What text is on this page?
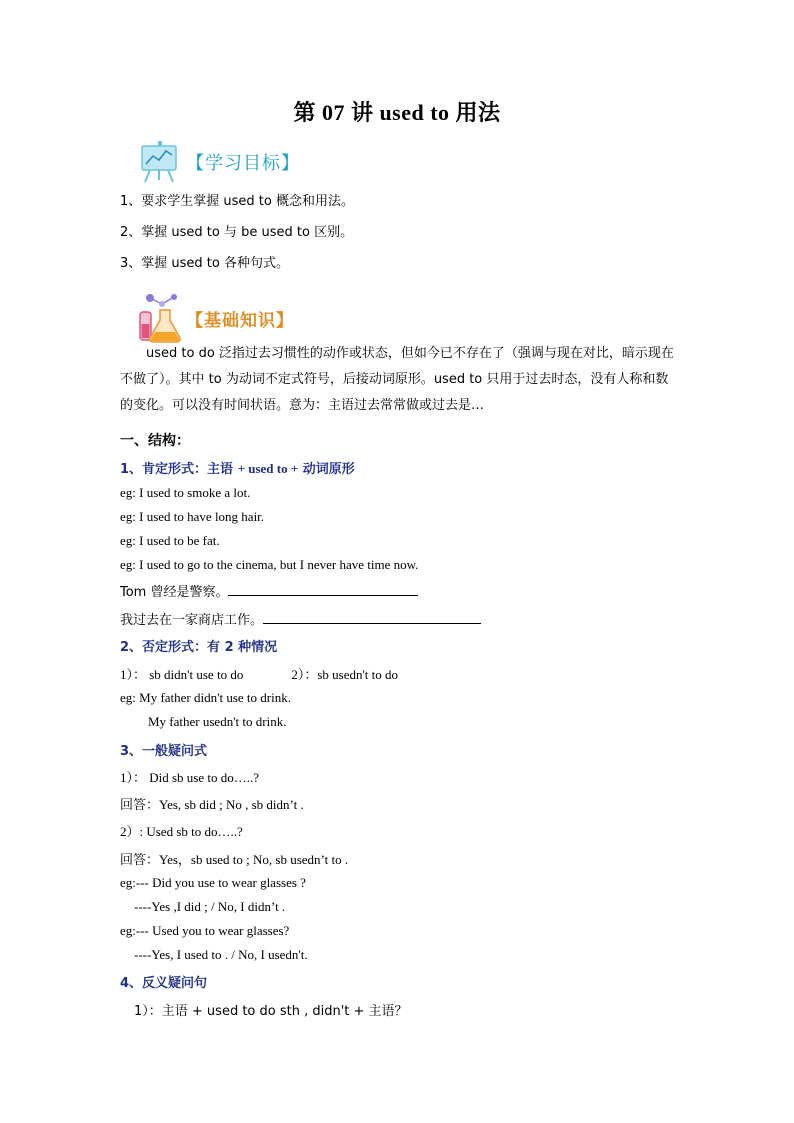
第 07 讲 used to 用法
【学习目标】
1、要求学生掌握 used to 概念和用法。
2、掌握 used to 与 be used to 区别。
3、掌握 used to 各种句式。
【基础知识】
used to do 泛指过去习惯性的动作或状态，但如今已不存在了（强调与现在对比，暗示现在不做了）。其中 to 为动词不定式符号，后接动词原形。used to 只用于过去时态，没有人称和数的变化。可以没有时间状语。意为：主语过去常常做或过去是…
一、结构：
1、肯定形式：主语 + used to + 动词原形
eg: I used to smoke a lot.
eg: I used to have long hair.
eg: I used to be fat.
eg: I used to go to the cinema, but I never have time now.
Tom 曾经是警察。
我过去在一家商店工作。
2、否定形式：有 2 种情况
1）： sb didn't use to do	2）：sb usedn't to do
eg: My father didn't use to drink.
My father usedn't to drink.
3、一般疑问式
1）： Did sb use to do…..?
回答：Yes, sb did ; No , sb didn’t .
2）: Used sb to do…..?
回答：Yes，sb used to ; No, sb usedn’t to .
eg:--- Did you use to wear glasses ?
----Yes ,I did ; / No, I didn’t .
eg:--- Used you to wear glasses?
----Yes, I used to . / No, I usedn't.
4、反义疑问句
1）：主语 + used to do sth , didn't + 主语？
